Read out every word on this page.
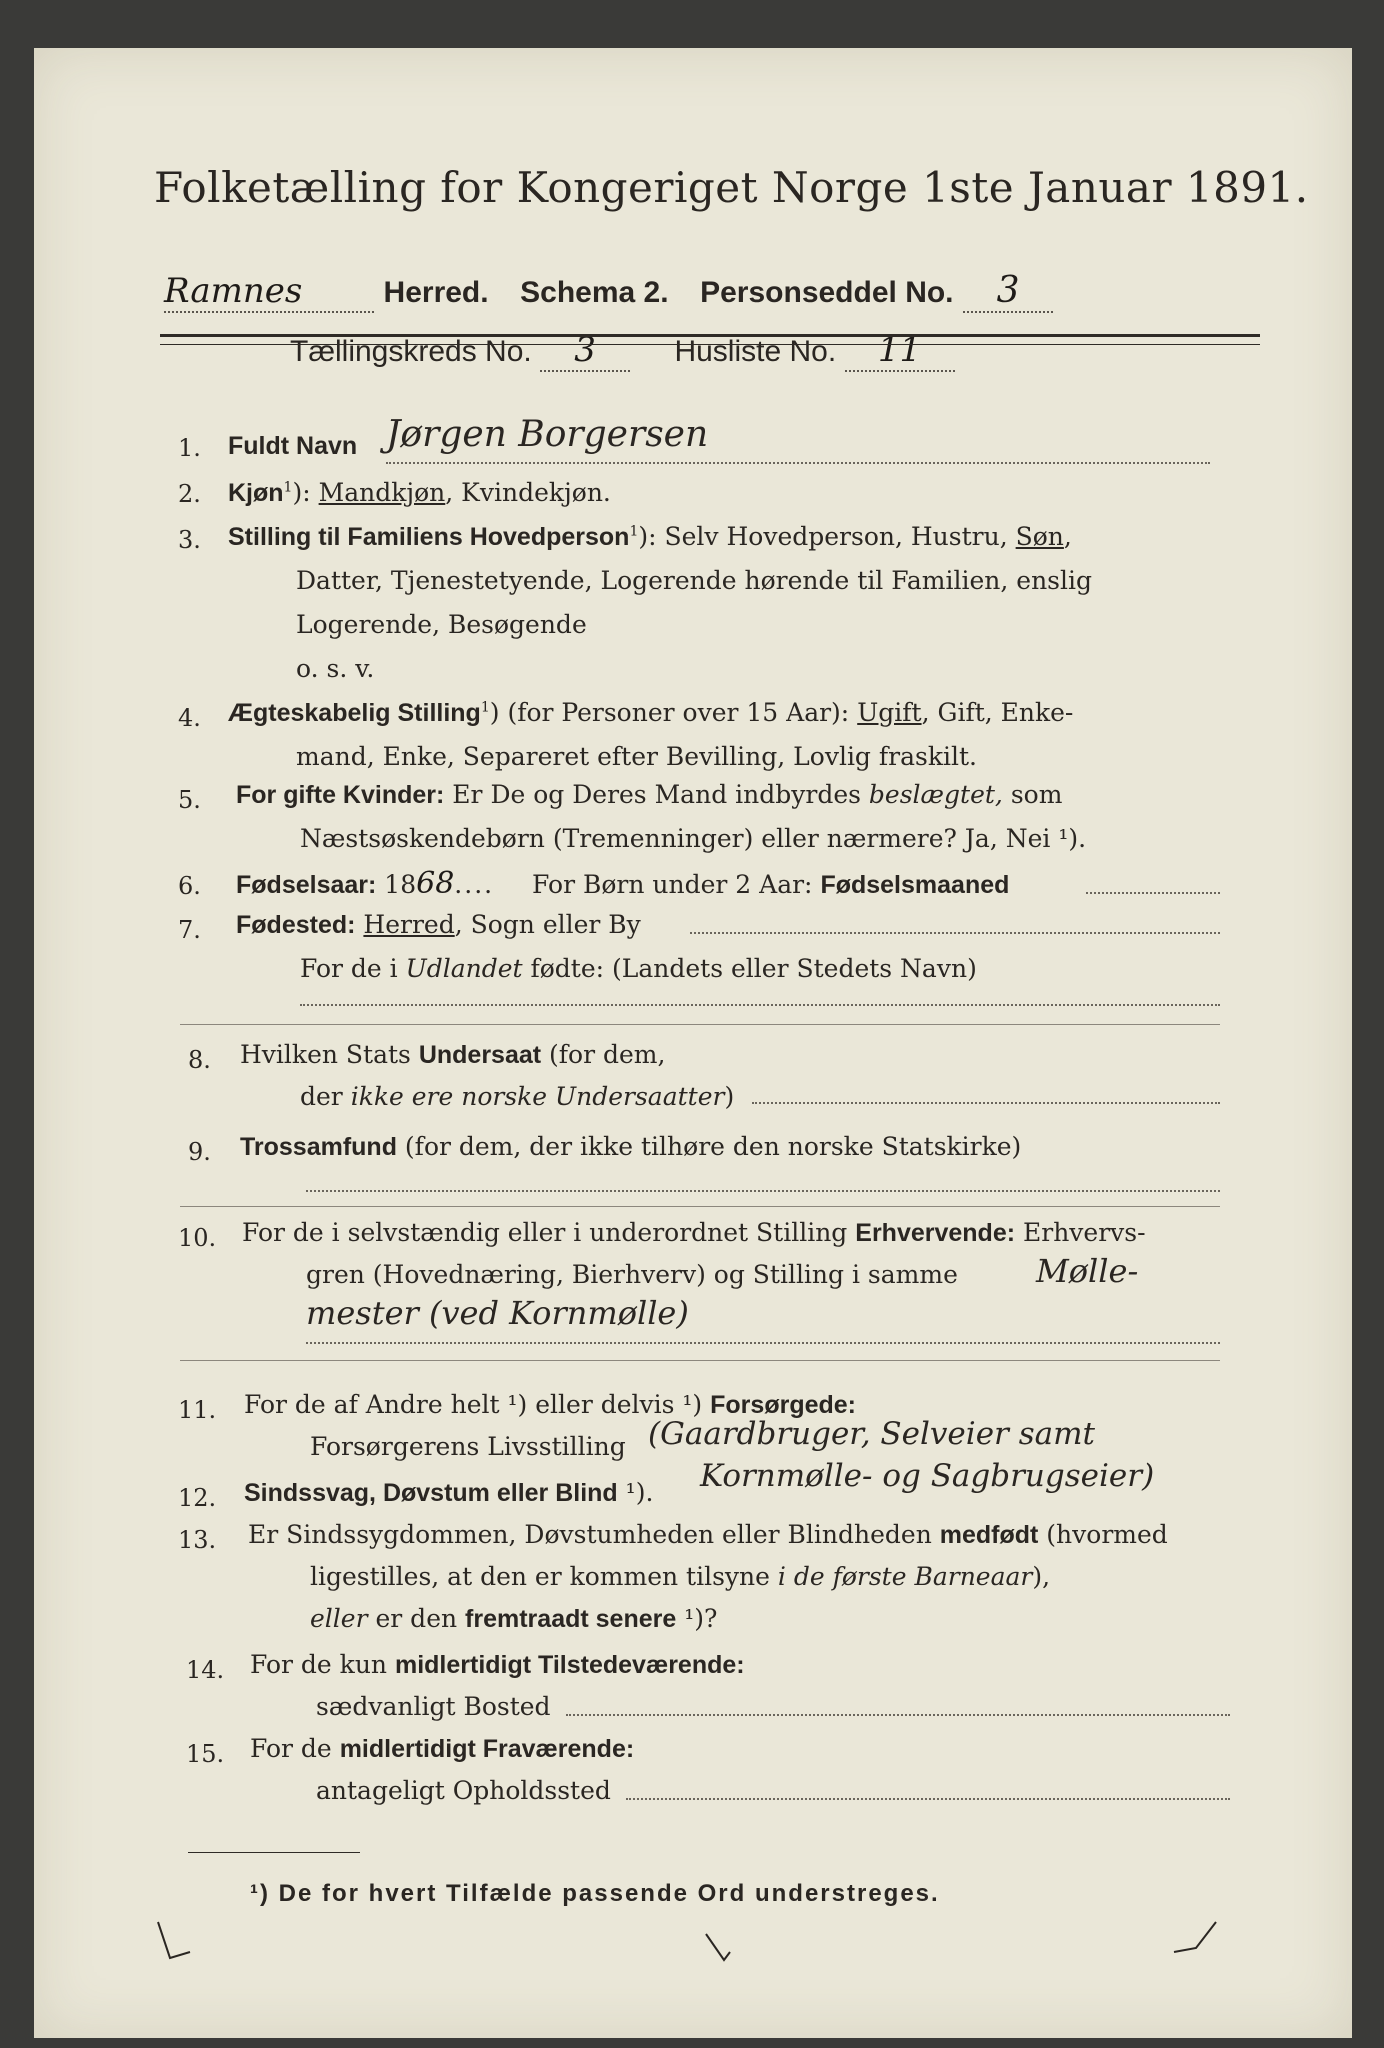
Folketælling for Kongeriget Norge 1ste Januar 1891.
Ramnes	Herred. Schema 2. Personseddel No. 3
Tællingskreds No. 3	Husliste No. 11
1. Fuldt Navn Jørgen Borgersen
2. Kjøn$^1$): Mandkjøn, Kvindekjøn.
3. Stilling til Familiens Hovedperson$^1$): Selv Hovedperson, Hustru, Søn,
Datter, Tjenestetyende, Logerende hørende til Familien, enslig
Logerende, Besøgende
o. s. v.
4. Ægteskabelig Stilling$^1$) (for Personer over 15 Aar): Ugift, Gift, Enke-
mand, Enke, Separeret efter Bevilling, Lovlig fraskilt.
5. For gifte Kvinder: Er De og Deres Mand indbyrdes beslægtet, som
Næstsøskendebørn (Tremenninger) eller nærmere? Ja, Nei ¹).
6. Fødselsaar: 1868.... For Børn under 2 Aar: Fødselsmaaned
7. Fødested: Herred, Sogn eller By
For de i Udlandet fødte: (Landets eller Stedets Navn)
8. Hvilken Stats Undersaat (for dem,
der ikke ere norske Undersaatter)
9. Trossamfund (for dem, der ikke tilhøre den norske Statskirke)
10. For de i selvstændig eller i underordnet Stilling Erhvervende: Erhvervs-
gren (Hovednæring, Bierhverv) og Stilling i samme Mølle-
mester (ved Kornmølle)
11. For de af Andre helt ¹) eller delvis ¹) Forsørgede:
Forsørgerens Livsstilling (Gaardbruger, Selveier samt
Kornmølle- og Sagbrugseier)
12. Sindssvag, Døvstum eller Blind ¹).
13. Er Sindssygdommen, Døvstumheden eller Blindheden medfødt (hvormed
ligestilles, at den er kommen tilsyne i de første Barneaar),
eller er den fremtraadt senere ¹)?
14. For de kun midlertidigt Tilstedeværende:
sædvanligt Bosted
15. For de midlertidigt Fraværende:
antageligt Opholdssted
¹) De for hvert Tilfælde passende Ord understreges.
